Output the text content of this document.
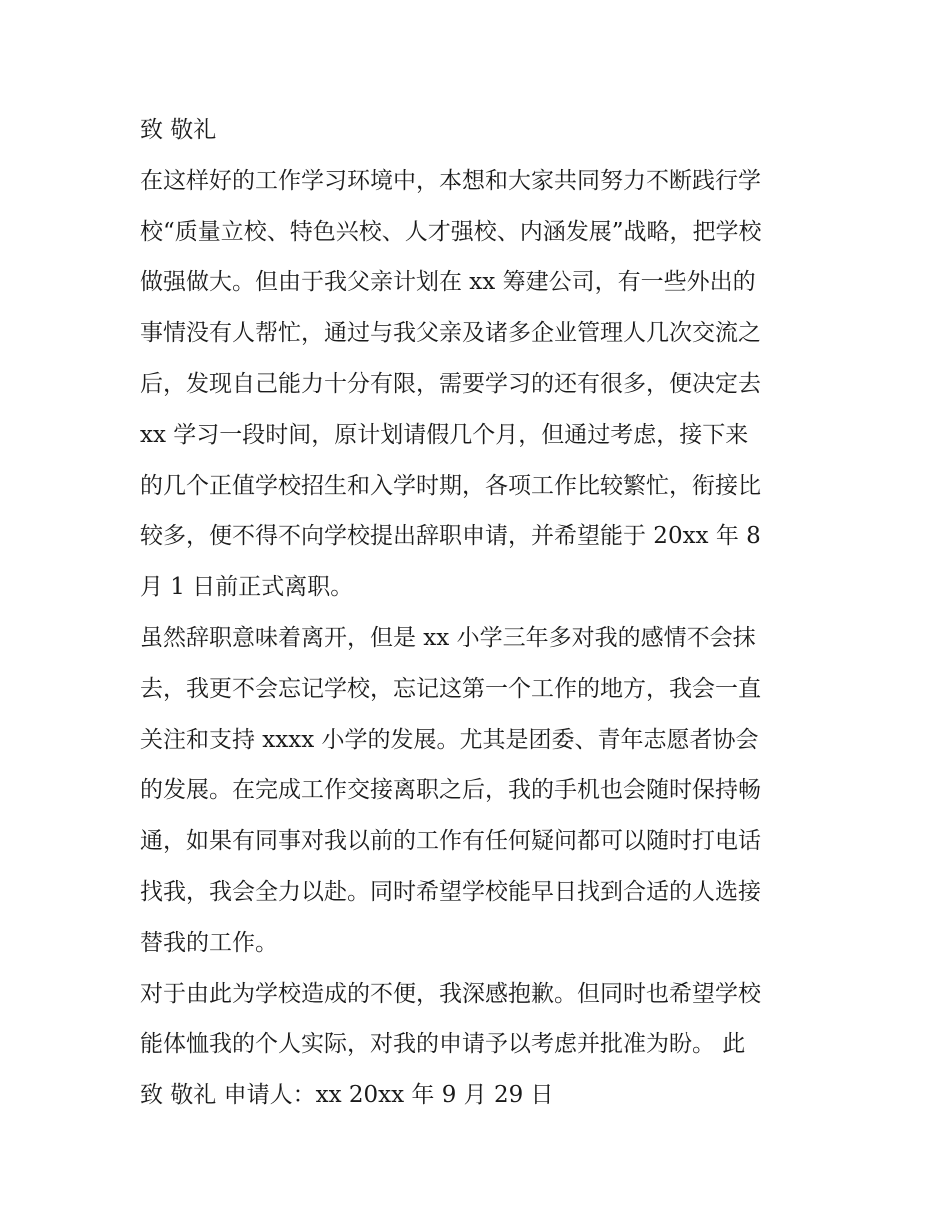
致 敬礼
在这样好的工作学习环境中，本想和大家共同努力不断践行学
校“质量立校、特色兴校、人才强校、内涵发展”战略，把学校
做强做大。但由于我父亲计划在 xx 筹建公司，有一些外出的
事情没有人帮忙，通过与我父亲及诸多企业管理人几次交流之
后，发现自己能力十分有限，需要学习的还有很多，便决定去
xx 学习一段时间，原计划请假几个月，但通过考虑，接下来
的几个正值学校招生和入学时期，各项工作比较繁忙，衔接比
较多，便不得不向学校提出辞职申请，并希望能于 20xx 年 8
月 1 日前正式离职。
虽然辞职意味着离开，但是 xx 小学三年多对我的感情不会抹
去，我更不会忘记学校，忘记这第一个工作的地方，我会一直
关注和支持 xxxx 小学的发展。尤其是团委、青年志愿者协会
的发展。在完成工作交接离职之后，我的手机也会随时保持畅
通，如果有同事对我以前的工作有任何疑问都可以随时打电话
找我，我会全力以赴。同时希望学校能早日找到合适的人选接
替我的工作。
对于由此为学校造成的不便，我深感抱歉。但同时也希望学校
能体恤我的个人实际，对我的申请予以考虑并批准为盼。 此
致 敬礼 申请人：xx 20xx 年 9 月 29 日
